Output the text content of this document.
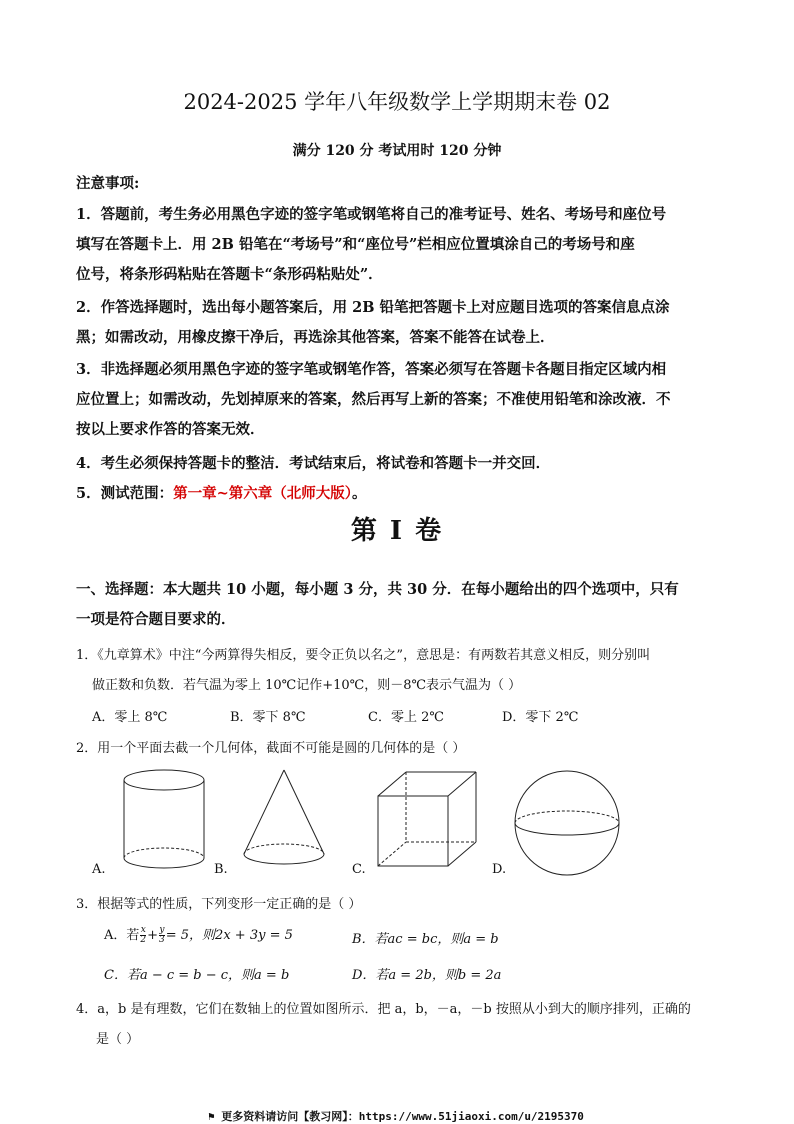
2024-2025 学年八年级数学上学期期末卷 02
满分 120 分 考试用时 120 分钟
注意事项:
1．答题前，考生务必用黑色字迹的签字笔或钢笔将自己的准考证号、姓名、考场号和座位号
填写在答题卡上．用 2B 铅笔在“考场号”和“座位号”栏相应位置填涂自己的考场号和座
位号，将条形码粘贴在答题卡“条形码粘贴处”．
2．作答选择题时，选出每小题答案后，用 2B 铅笔把答题卡上对应题目选项的答案信息点涂
黑；如需改动，用橡皮擦干净后，再选涂其他答案，答案不能答在试卷上．
3．非选择题必须用黑色字迹的签字笔或钢笔作答，答案必须写在答题卡各题目指定区域内相
应位置上；如需改动，先划掉原来的答案，然后再写上新的答案；不准使用铅笔和涂改液．不
按以上要求作答的答案无效．
4．考生必须保持答题卡的整洁．考试结束后，将试卷和答题卡一并交回．
5．测试范围：第一章~第六章（北师大版）。
第 I 卷
一、选择题：本大题共 10 小题，每小题 3 分，共 30 分．在每小题给出的四个选项中，只有
一项是符合题目要求的．
1．《九章算术》中注“今两算得失相反，要令正负以名之”，意思是：有两数若其意义相反，则分别叫
做正数和负数．若气温为零上 10℃记作+10℃，则－8℃表示气温为（ ）
A．零上 8℃	B．零下 8℃	C．零上 2℃	D．零下 2℃
2．用一个平面去截一个几何体，截面不可能是圆的几何体的是（ ）
A.	B.	C.	D.
3．根据等式的性质，下列变形一定正确的是（ ）
A．若 $\frac{x}{2} + \frac{y}{3} = 5$，则2x + 3y = 5	B．若ac = bc，则a = b
C．若a − c = b − c，则a = b	D．若a = 2b，则b = 2a
4．a，b 是有理数，它们在数轴上的位置如图所示．把 a，b，－a，－b 按照从小到大的顺序排列，正确的
是（ ）
⚑ 更多资料请访问【教习网】：https://www.51jiaoxi.com/u/2195370
